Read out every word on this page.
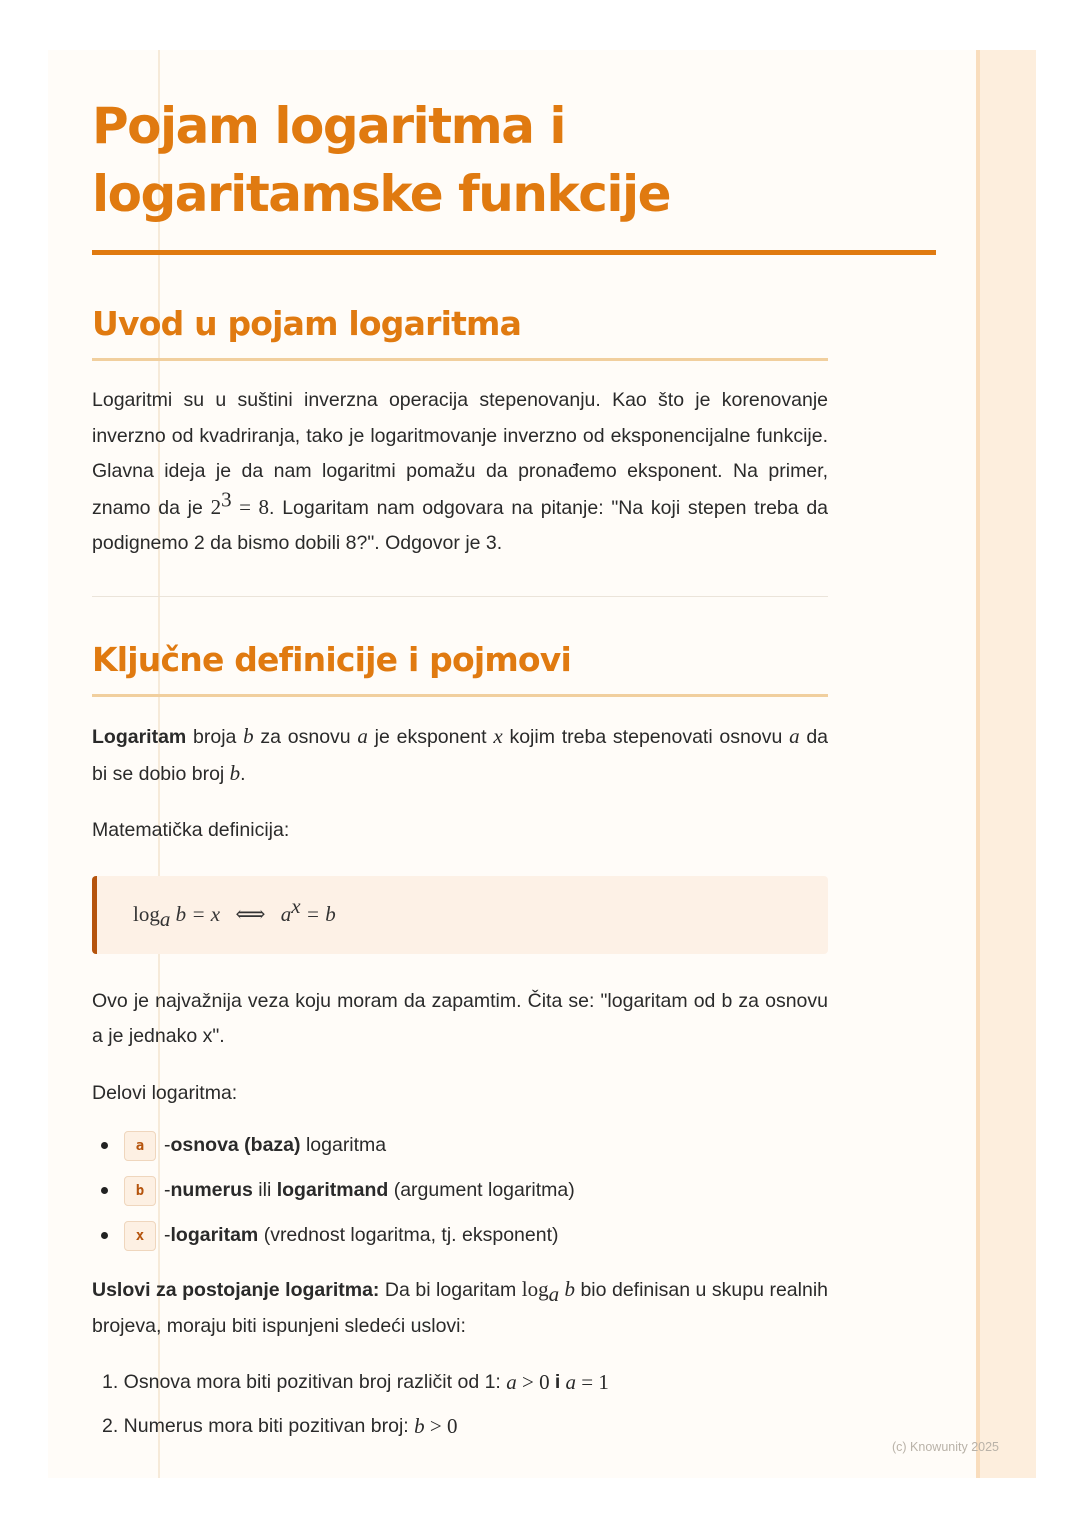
Pojam logaritma i
logaritamske funkcije
Uvod u pojam logaritma

Logaritmi su u suštini inverzna operacija stepenovanju. Kao što je korenovanje inverzno od kvadriranja, tako je logaritmovanje inverzno od eksponencijalne funkcije. Glavna ideja je da nam logaritmi pomažu da pronađemo eksponent. Na primer, znamo da je $2^3 = 8$. Logaritam nam odgovara na pitanje: "Na koji stepen treba da podignemo 2 da bismo dobili 8?". Odgovor je 3.

Ključne definicije i pojmovi

Logaritam broja b za osnovu a je eksponent x kojim treba stepenovati osnovu a da bi se dobio broj b.

Matematička definicija:

$\log_a b = x$ ⟺ $a^x = b$

Ovo je najvažnija veza koju moram da zapamtim. Čita se: "logaritam od b za osnovu a je jednako x".

Delovi logaritma:

a	- osnova (baza) logaritma
b	- numerus ili logaritmand (argument logaritma)
x	- logaritam (vrednost logaritma, tj. eksponent)

Uslovi za postojanje logaritma: Da bi logaritam $\log_a b$ bio definisan u skupu realnih brojeva, moraju biti ispunjeni sledeći uslovi:

1. Osnova mora biti pozitivan broj različit od 1: a > 0 i a = 1
2. Numerus mora biti pozitivan broj: b > 0
(c) Knowunity 2025
